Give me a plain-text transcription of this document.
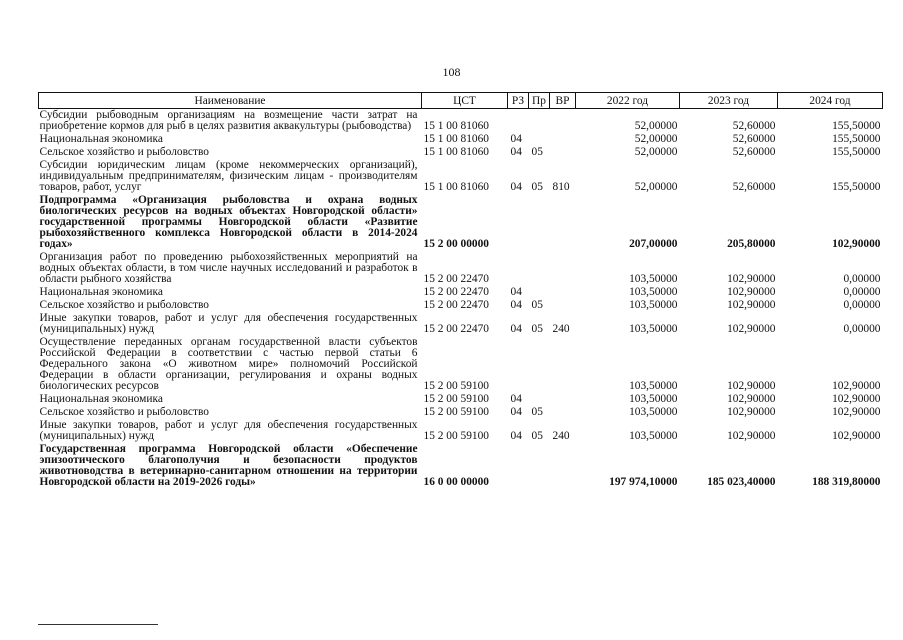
108
Наименование	ЦСТ	РЗ	Пр	ВР	2022 год	2023 год	2024 год
Субсидии рыбоводным организациям на возмещение части затрат на приобретение кормов для рыб в целях развития аквакультуры (рыбоводства)	15 1 00 81060				52,00000	52,60000	155,50000
Национальная экономика	15 1 00 81060	04			52,00000	52,60000	155,50000
Сельское хозяйство и рыболовство	15 1 00 81060	04	05		52,00000	52,60000	155,50000
Субсидии юридическим лицам (кроме некоммерческих организаций), индивидуальным предпринимателям, физическим лицам - производителям товаров, работ, услуг	15 1 00 81060	04	05	810	52,00000	52,60000	155,50000
Подпрограмма «Организация рыболовства и охрана водных биологических ресурсов на водных объектах Новгородской области» государственной программы Новгородской области «Развитие рыбохозяйственного комплекса Новгородской области в 2014-2024 годах»	15 2 00 00000				207,00000	205,80000	102,90000
Организация работ по проведению рыбохозяйственных мероприятий на водных объектах области, в том числе научных исследований и разработок в области рыбного хозяйства	15 2 00 22470				103,50000	102,90000	0,00000
Национальная экономика	15 2 00 22470	04			103,50000	102,90000	0,00000
Сельское хозяйство и рыболовство	15 2 00 22470	04	05		103,50000	102,90000	0,00000
Иные закупки товаров, работ и услуг для обеспечения государственных (муниципальных) нужд	15 2 00 22470	04	05	240	103,50000	102,90000	0,00000
Осуществление переданных органам государственной власти субъектов Российской Федерации в соответствии с частью первой статьи 6 Федерального закона «О животном мире» полномочий Российской Федерации в области организации, регулирования и охраны водных биологических ресурсов	15 2 00 59100				103,50000	102,90000	102,90000
Национальная экономика	15 2 00 59100	04			103,50000	102,90000	102,90000
Сельское хозяйство и рыболовство	15 2 00 59100	04	05		103,50000	102,90000	102,90000
Иные закупки товаров, работ и услуг для обеспечения государственных (муниципальных) нужд	15 2 00 59100	04	05	240	103,50000	102,90000	102,90000
Государственная программа Новгородской области «Обеспечение эпизоотического благополучия и безопасности продуктов животноводства в ветеринарно-санитарном отношении на территории Новгородской области на 2019-2026 годы»	16 0 00 00000				197 974,10000	185 023,40000	188 319,80000
